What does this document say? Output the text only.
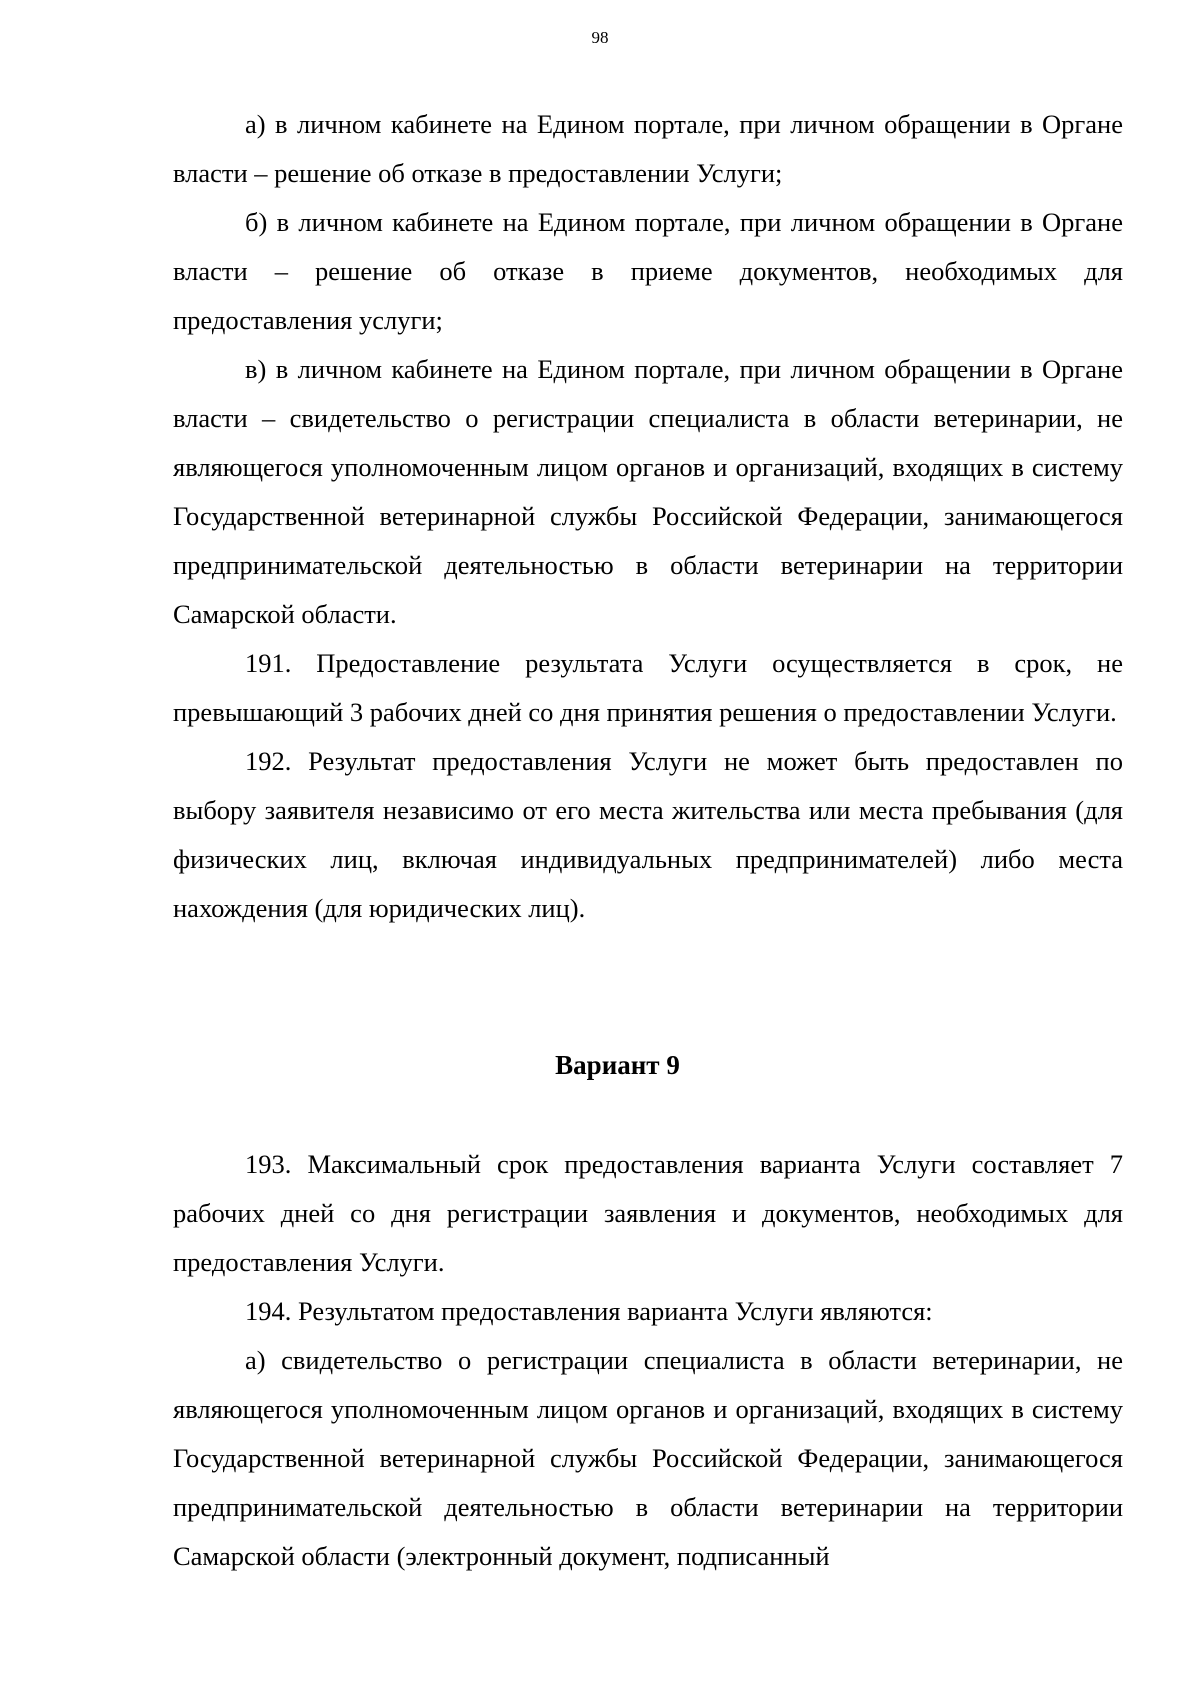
98

а) в личном кабинете на Едином портале, при личном обращении в Органе власти – решение об отказе в предоставлении Услуги;

б) в личном кабинете на Едином портале, при личном обращении в Органе власти – решение об отказе в приеме документов, необходимых для предоставления услуги;

в) в личном кабинете на Едином портале, при личном обращении в Органе власти – свидетельство о регистрации специалиста в области ветеринарии, не являющегося уполномоченным лицом органов и организаций, входящих в систему Государственной ветеринарной службы Российской Федерации, занимающегося предпринимательской деятельностью в области ветеринарии на территории Самарской области.

191. Предоставление результата Услуги осуществляется в срок, не превышающий 3 рабочих дней со дня принятия решения о предоставлении Услуги.

192. Результат предоставления Услуги не может быть предоставлен по выбору заявителя независимо от его места жительства или места пребывания (для физических лиц, включая индивидуальных предпринимателей) либо места нахождения (для юридических лиц).

Вариант 9

193. Максимальный срок предоставления варианта Услуги составляет 7 рабочих дней со дня регистрации заявления и документов, необходимых для предоставления Услуги.

194. Результатом предоставления варианта Услуги являются:

а) свидетельство о регистрации специалиста в области ветеринарии, не являющегося уполномоченным лицом органов и организаций, входящих в систему Государственной ветеринарной службы Российской Федерации, занимающегося предпринимательской деятельностью в области ветеринарии на территории Самарской области (электронный документ, подписанный
